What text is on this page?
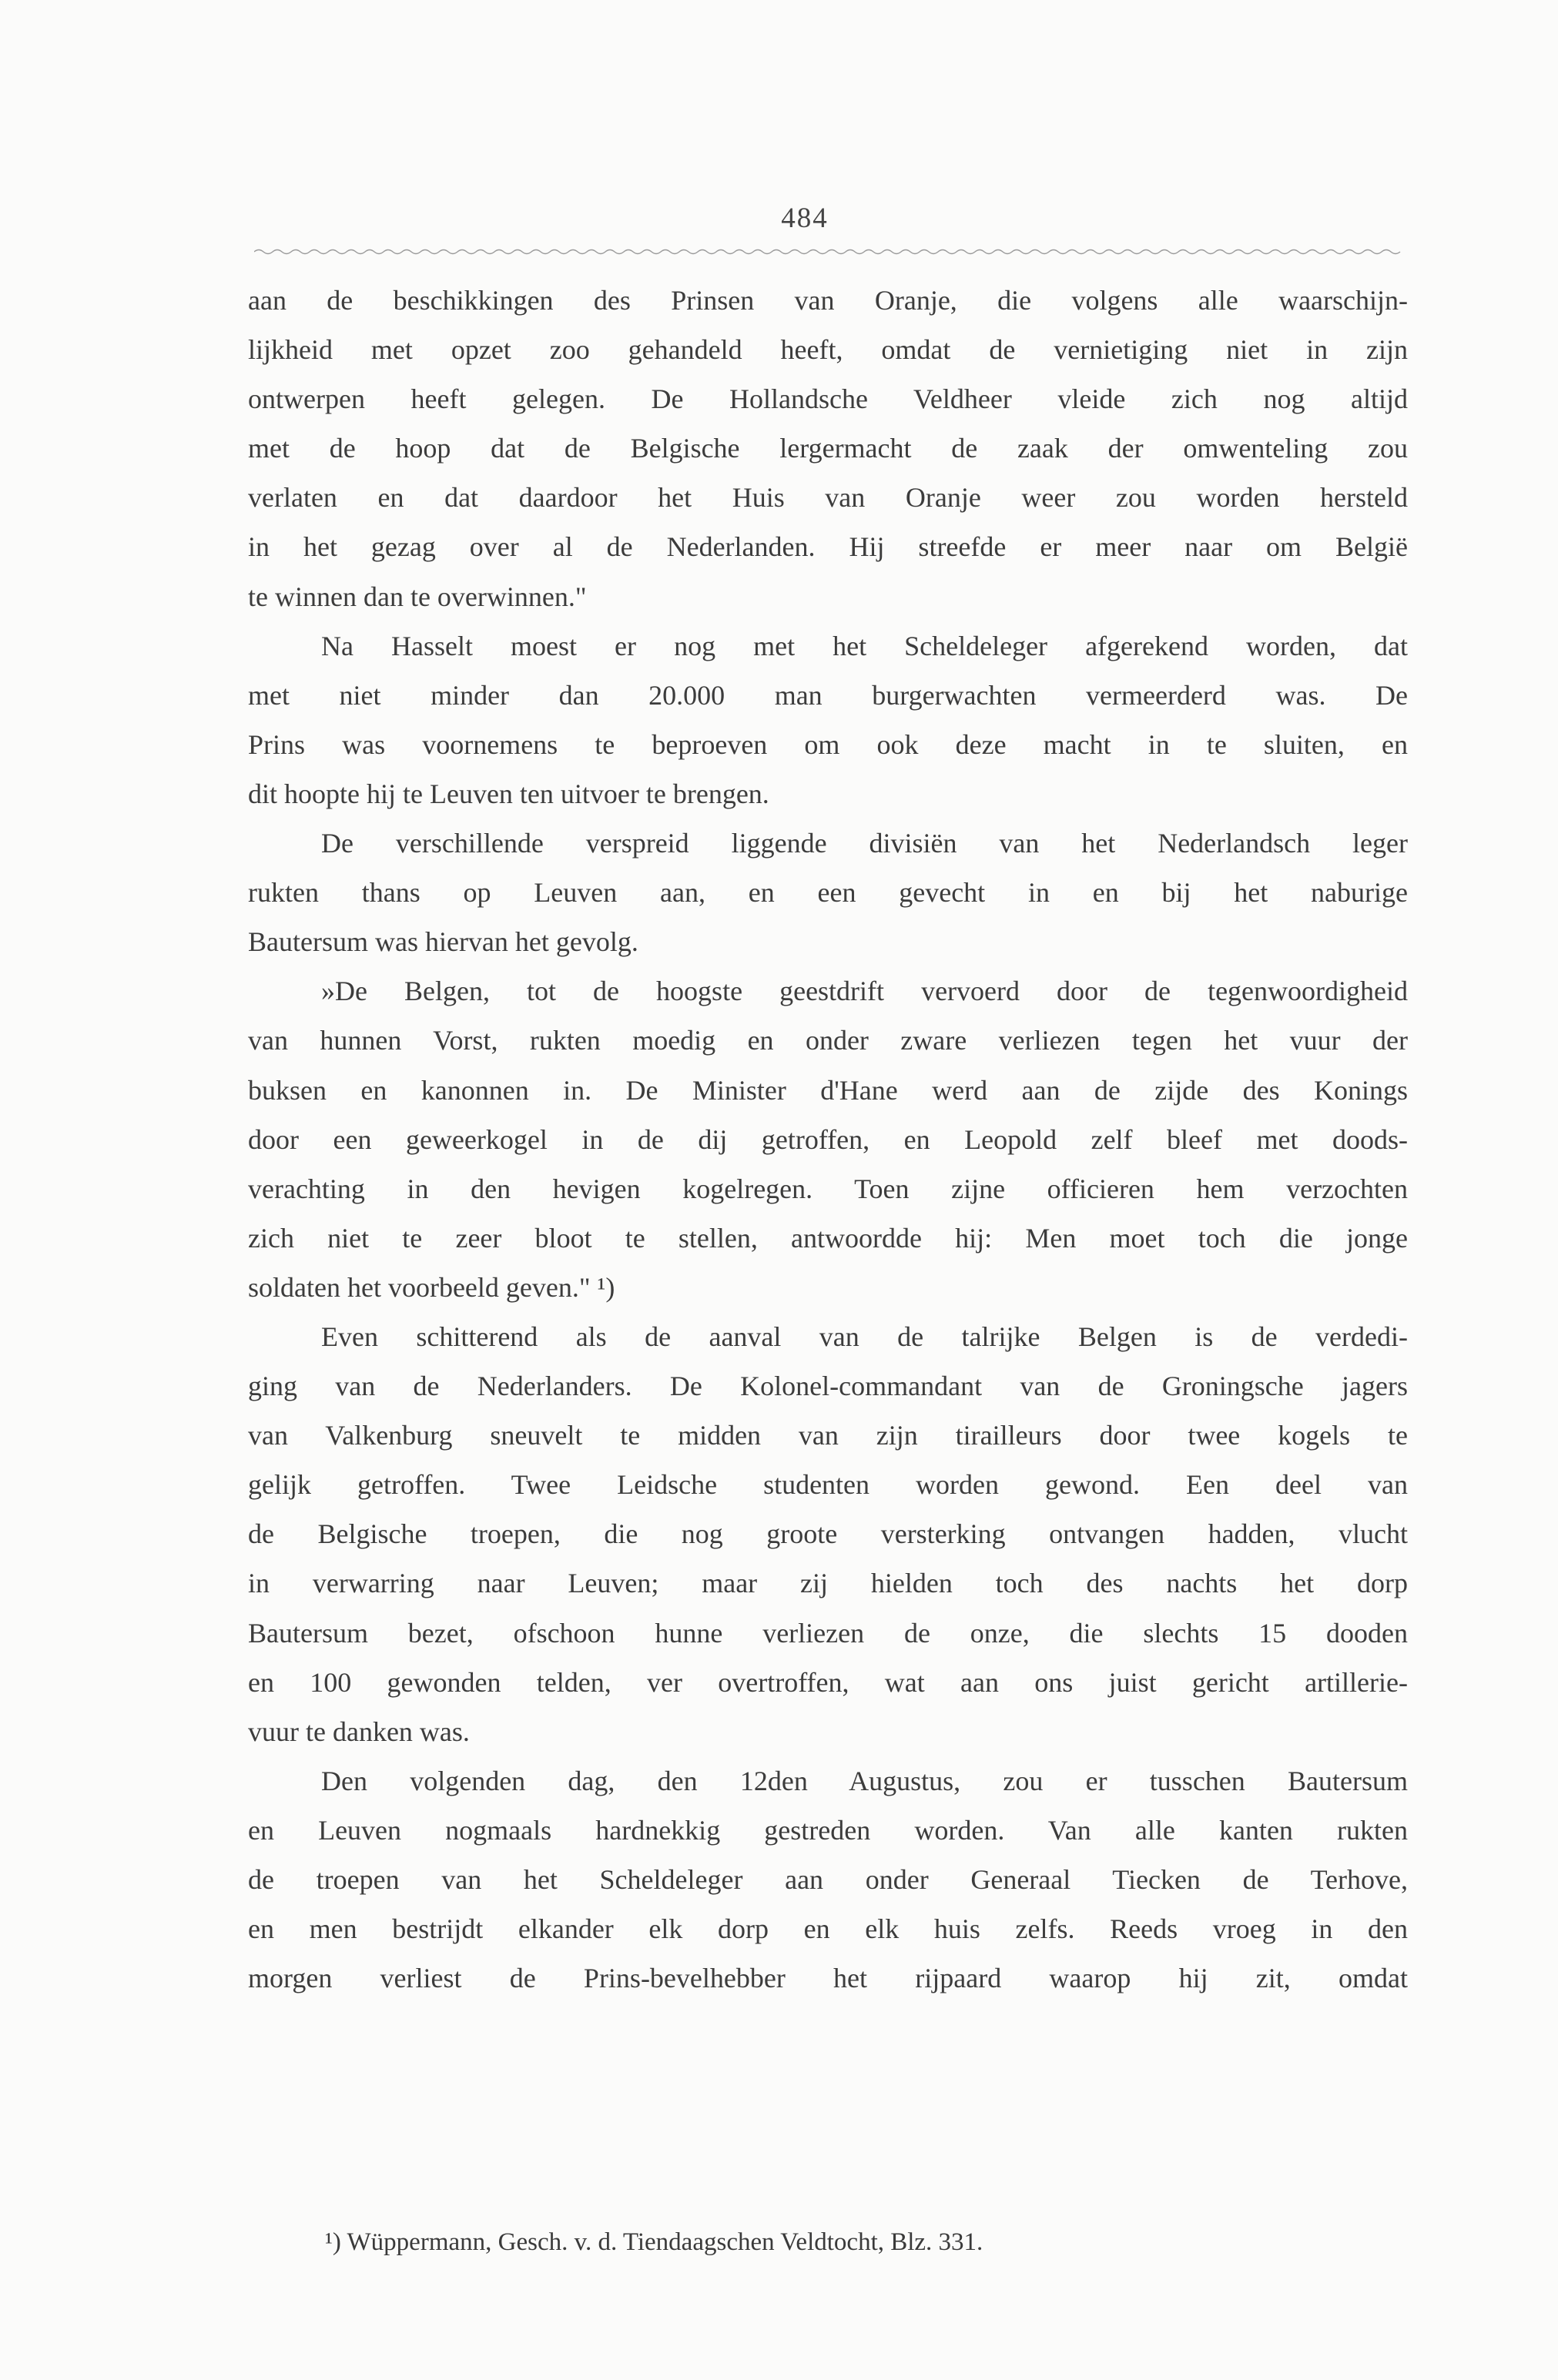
484
aan de beschikkingen des Prinsen van Oranje, die volgens alle waarschijn-
lijkheid met opzet zoo gehandeld heeft, omdat de vernietiging niet in zijn
ontwerpen heeft gelegen. De Hollandsche Veldheer vleide zich nog altijd
met de hoop dat de Belgische lergermacht de zaak der omwenteling zou
verlaten en dat daardoor het Huis van Oranje weer zou worden hersteld
in het gezag over al de Nederlanden. Hij streefde er meer naar om België
te winnen dan te overwinnen."
Na Hasselt moest er nog met het Scheldeleger afgerekend worden, dat
met niet minder dan 20.000 man burgerwachten vermeerderd was. De
Prins was voornemens te beproeven om ook deze macht in te sluiten, en
dit hoopte hij te Leuven ten uitvoer te brengen.
De verschillende verspreid liggende divisiën van het Nederlandsch leger
rukten thans op Leuven aan, en een gevecht in en bij het naburige
Bautersum was hiervan het gevolg.
»De Belgen, tot de hoogste geestdrift vervoerd door de tegenwoordigheid
van hunnen Vorst, rukten moedig en onder zware verliezen tegen het vuur der
buksen en kanonnen in. De Minister d'Hane werd aan de zijde des Konings
door een geweerkogel in de dij getroffen, en Leopold zelf bleef met doods-
verachting in den hevigen kogelregen. Toen zijne officieren hem verzochten
zich niet te zeer bloot te stellen, antwoordde hij: Men moet toch die jonge
soldaten het voorbeeld geven." ¹)
Even schitterend als de aanval van de talrijke Belgen is de verdedi-
ging van de Nederlanders. De Kolonel-commandant van de Groningsche jagers
van Valkenburg sneuvelt te midden van zijn tirailleurs door twee kogels te
gelijk getroffen. Twee Leidsche studenten worden gewond. Een deel van
de Belgische troepen, die nog groote versterking ontvangen hadden, vlucht
in verwarring naar Leuven; maar zij hielden toch des nachts het dorp
Bautersum bezet, ofschoon hunne verliezen de onze, die slechts 15 dooden
en 100 gewonden telden, ver overtroffen, wat aan ons juist gericht artillerie-
vuur te danken was.
Den volgenden dag, den 12den Augustus, zou er tusschen Bautersum
en Leuven nogmaals hardnekkig gestreden worden. Van alle kanten rukten
de troepen van het Scheldeleger aan onder Generaal Tiecken de Terhove,
en men bestrijdt elkander elk dorp en elk huis zelfs. Reeds vroeg in den
morgen verliest de Prins-bevelhebber het rijpaard waarop hij zit, omdat
¹) Wüppermann, Gesch. v. d. Tiendaagschen Veldtocht, Blz. 331.
